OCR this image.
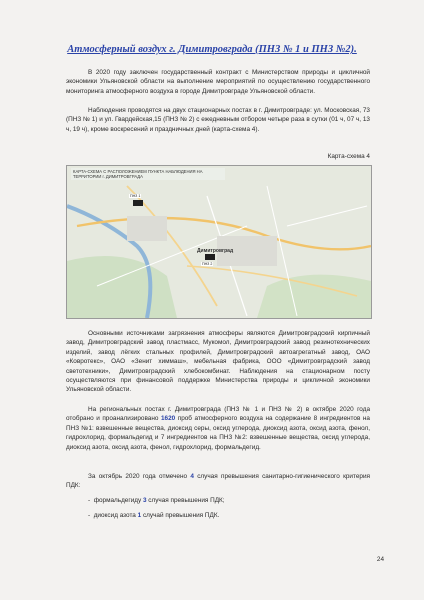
Атмосферный воздух г. Димитровграда (ПНЗ № 1 и ПНЗ №2).

В 2020 году заключен государственный контракт с Министерством природы и цикличной экономики Ульяновской области на выполнение мероприятий по осуществлению государственного мониторинга атмосферного воздуха в городе Димитровграде Ульяновской области.

Наблюдения проводятся на двух стационарных постах в г. Димитровграде: ул. Московская, 73 (ПНЗ № 1) и ул. Гвардейская,15 (ПНЗ № 2) с ежедневным отбором четыре раза в сутки (01 ч, 07 ч, 13 ч, 19 ч), кроме воскресений и праздничных дней (карта-схема 4).

Карта-схема 4
КАРТА-СХЕМА С РАСПОЛОЖЕНИЕМ ПУНКТА НАБЛЮДЕНИЯ НА ТЕРРИТОРИИ г. ДИМИТРОВГРАДА
Димитровград
ПНЗ 1
ПНЗ 2

Основными источниками загрязнения атмосферы являются Димитровградский кирпичный завод, Димитровградский завод пластмасс, Мукомол, Димитровградский завод резинотехнических изделий, завод лёгких стальных профилей, Димитровградский автоагрегатный завод, ОАО «Ковротекс», ОАО «Зенит химмаш», мебельная фабрика, ООО «Димитровградский завод светотехники», Димитровградский хлебокомбинат. Наблюдения на стационарном посту осуществляются при финансовой поддержке Министерства природы и цикличной экономики Ульяновской области.

На региональных постах г. Димитровграда (ПНЗ № 1 и ПНЗ № 2) в октябре 2020 года отобрано и проанализировано 1620 проб атмосферного воздуха на содержание 8 ингредиентов на ПНЗ №1: взвешенные вещества, диоксид серы, оксид углерода, диоксид азота, оксид азота, фенол, гидрохлорид, формальдегид и 7 ингредиентов на ПНЗ №2: взвешенные вещества, оксид углерода, диоксид азота, оксид азота, фенол, гидрохлорид, формальдегид.

За октябрь 2020 года отмечено 4 случая превышения санитарно-гигиенического критерия ПДК:

- формальдегиду 3 случая превышения ПДК;
- диоксид азота 1 случай превышения ПДК.
24
